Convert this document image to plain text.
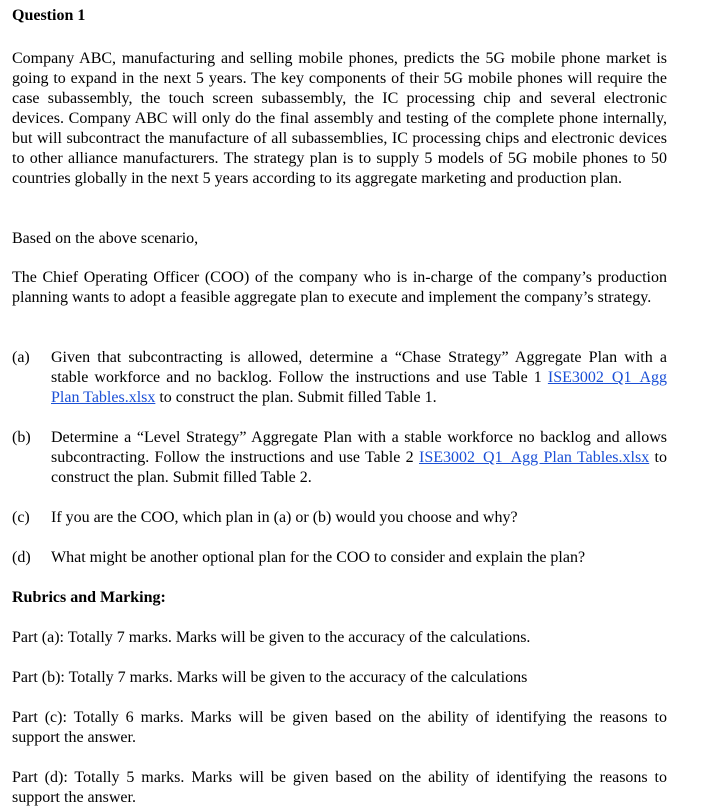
Question 1

Company ABC, manufacturing and selling mobile phones, predicts the 5G mobile phone market is going to expand in the next 5 years. The key components of their 5G mobile phones will require the case subassembly, the touch screen subassembly, the IC processing chip and several electronic devices. Company ABC will only do the final assembly and testing of the complete phone internally, but will subcontract the manufacture of all subassemblies, IC processing chips and electronic devices to other alliance manufacturers. The strategy plan is to supply 5 models of 5G mobile phones to 50 countries globally in the next 5 years according to its aggregate marketing and production plan.

Based on the above scenario,

The Chief Operating Officer (COO) of the company who is in-charge of the company’s production planning wants to adopt a feasible aggregate plan to execute and implement the company’s strategy.

(a) Given that subcontracting is allowed, determine a “Chase Strategy” Aggregate Plan with a stable workforce and no backlog. Follow the instructions and use Table 1 ISE3002_Q1_Agg Plan Tables.xlsx to construct the plan. Submit filled Table 1.
(b) Determine a “Level Strategy” Aggregate Plan with a stable workforce no backlog and allows subcontracting. Follow the instructions and use Table 2 ISE3002_Q1_Agg Plan Tables.xlsx to construct the plan. Submit filled Table 2.
(c) If you are the COO, which plan in (a) or (b) would you choose and why?
(d) What might be another optional plan for the COO to consider and explain the plan?
Rubrics and Marking:

Part (a): Totally 7 marks. Marks will be given to the accuracy of the calculations.

Part (b): Totally 7 marks. Marks will be given to the accuracy of the calculations

Part (c): Totally 6 marks. Marks will be given based on the ability of identifying the reasons to support the answer.

Part (d): Totally 5 marks. Marks will be given based on the ability of identifying the reasons to support the answer.
